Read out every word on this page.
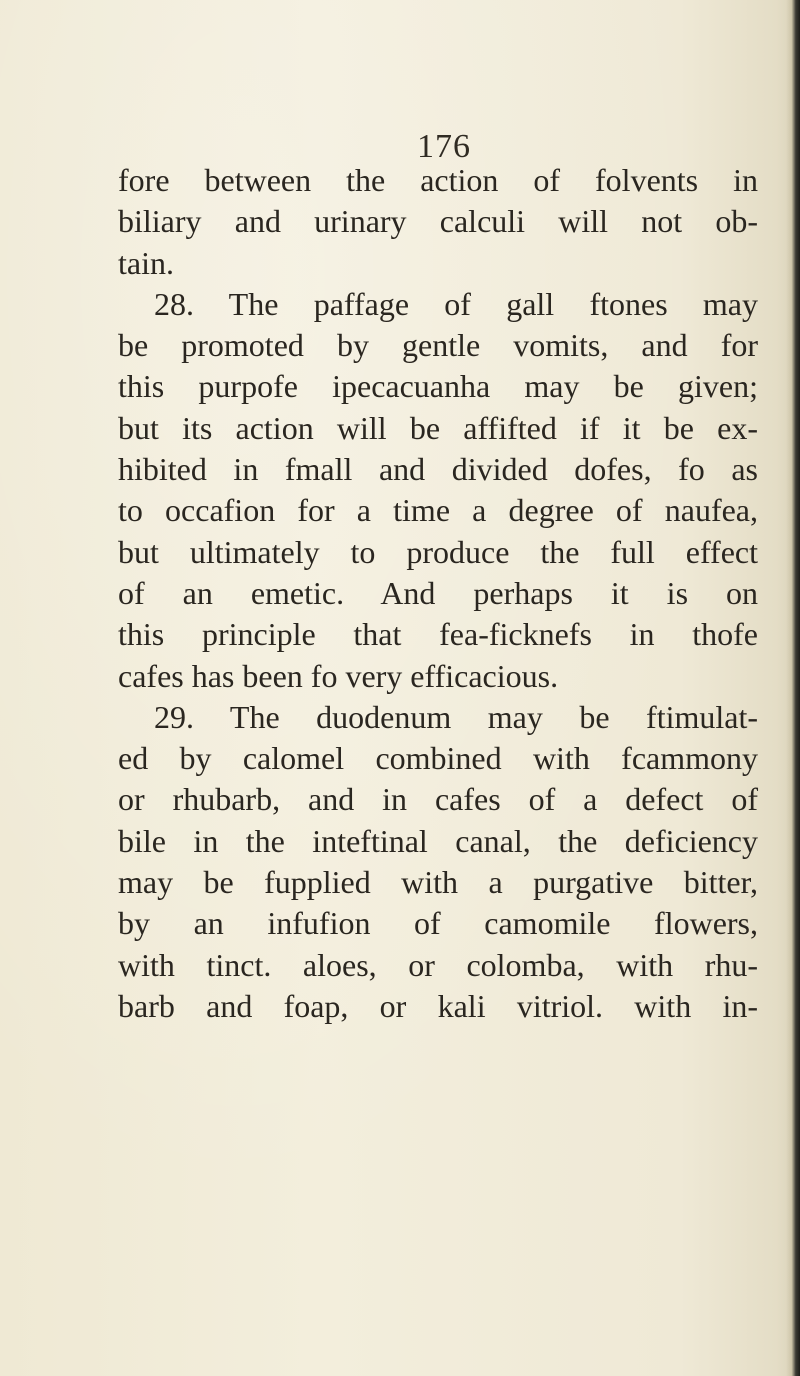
176
fore between the action of folvents in
biliary and urinary calculi will not ob-
tain.
28. The paffage of gall ftones may
be promoted by gentle vomits, and for
this purpofe ipecacuanha may be given;
but its action will be affifted if it be ex-
hibited in fmall and divided dofes, fo as
to occafion for a time a degree of naufea,
but ultimately to produce the full effect
of an emetic. And perhaps it is on
this principle that fea-ficknefs in thofe
cafes has been fo very efficacious.
29. The duodenum may be ftimulat-
ed by calomel combined with fcammony
or rhubarb, and in cafes of a defect of
bile in the inteftinal canal, the deficiency
may be fupplied with a purgative bitter,
by an infufion of camomile flowers,
with tinct. aloes, or colomba, with rhu-
barb and foap, or kali vitriol. with in-
